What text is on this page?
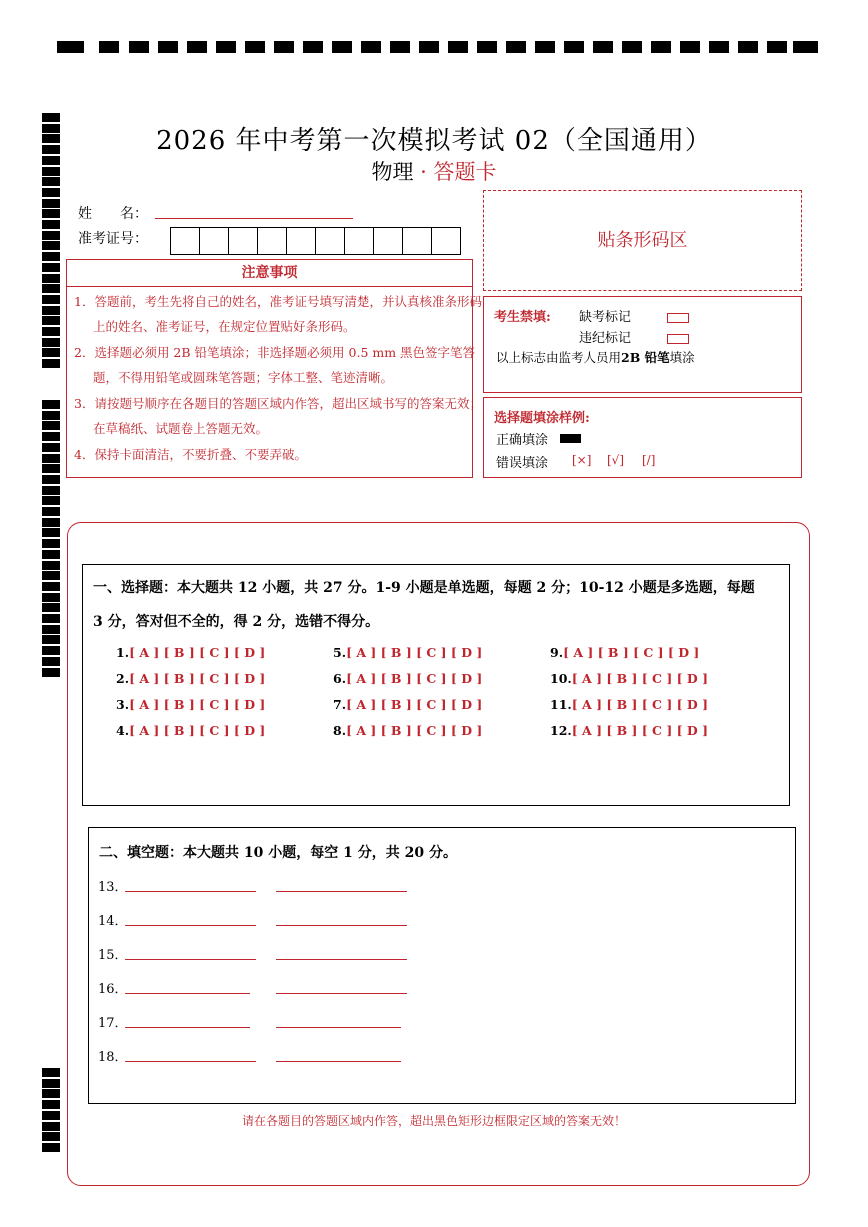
2026 年中考第一次模拟考试 02（全国通用）
物理 · 答题卡
姓　　名：
准考证号：
注意事项
1．答题前，考生先将自己的姓名，准考证号填写清楚，并认真核准条形码上的姓名、准考证号，在规定位置贴好条形码。
2．选择题必须用 2B 铅笔填涂；非选择题必须用 0.5 mm 黑色签字笔答题，不得用铅笔或圆珠笔答题；字体工整、笔迹清晰。
3．请按题号顺序在各题目的答题区域内作答，超出区域书写的答案无效；在草稿纸、试题卷上答题无效。
4．保持卡面清洁，不要折叠、不要弄破。
贴条形码区
考生禁填: 缺考标记
违纪标记
以上标志由监考人员用2B 铅笔填涂
选择题填涂样例:
正确填涂
错误填涂 [×] [√] [/]
一、选择题：本大题共 12 小题，共 27 分。1-9 小题是单选题，每题 2 分；10-12 小题是多选题，每题
3 分，答对但不全的，得 2 分，选错不得分。
1.[ A ] [ B ] [ C ] [ D ]
2.[ A ] [ B ] [ C ] [ D ]
3.[ A ] [ B ] [ C ] [ D ]
4.[ A ] [ B ] [ C ] [ D ]
5.[ A ] [ B ] [ C ] [ D ]
6.[ A ] [ B ] [ C ] [ D ]
7.[ A ] [ B ] [ C ] [ D ]
8.[ A ] [ B ] [ C ] [ D ]
9.[ A ] [ B ] [ C ] [ D ]
10.[ A ] [ B ] [ C ] [ D ]
11.[ A ] [ B ] [ C ] [ D ]
12.[ A ] [ B ] [ C ] [ D ]
二、填空题：本大题共 10 小题，每空 1 分，共 20 分。
13．
14．
15．
16．
17．
18．
请在各题目的答题区域内作答，超出黑色矩形边框限定区域的答案无效！
